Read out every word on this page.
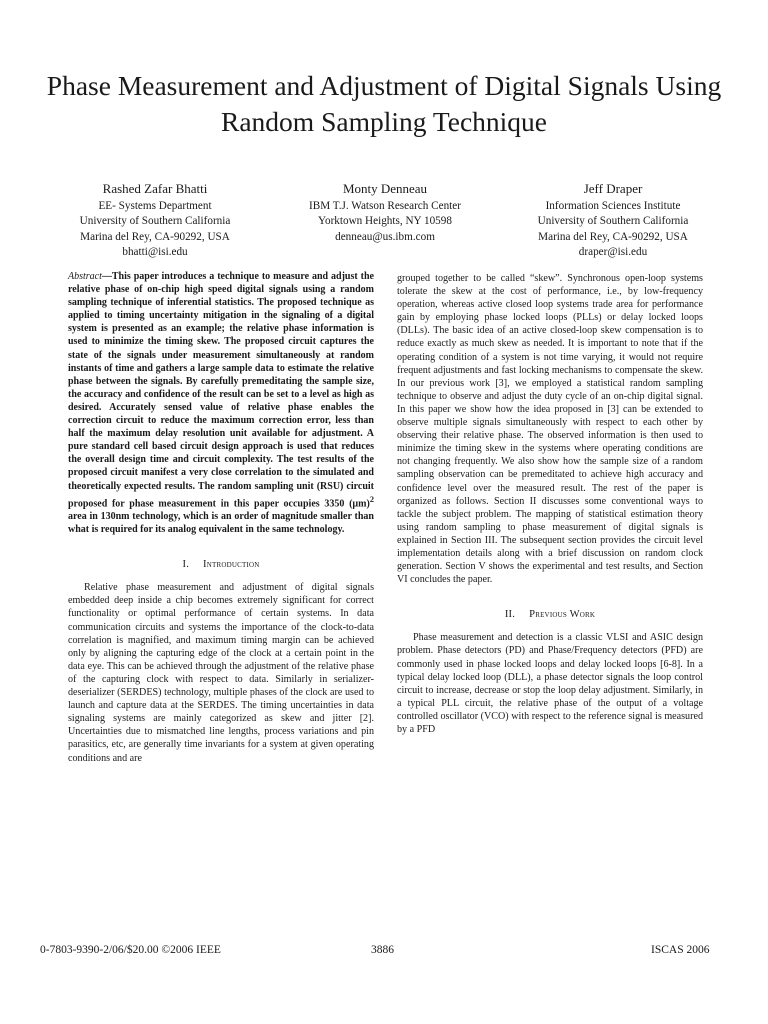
Phase Measurement and Adjustment of Digital Signals Using Random Sampling Technique
Rashed Zafar Bhatti
EE- Systems Department
University of Southern California
Marina del Rey, CA-90292, USA
bhatti@isi.edu
Monty Denneau
IBM T.J. Watson Research Center
Yorktown Heights, NY 10598
denneau@us.ibm.com
Jeff Draper
Information Sciences Institute
University of Southern California
Marina del Rey, CA-90292, USA
draper@isi.edu

Abstract—This paper introduces a technique to measure and adjust the relative phase of on-chip high speed digital signals using a random sampling technique of inferential statistics. The proposed technique as applied to timing uncertainty mitigation in the signaling of a digital system is presented as an example; the relative phase information is used to minimize the timing skew. The proposed circuit captures the state of the signals under measurement simultaneously at random instants of time and gathers a large sample data to estimate the relative phase between the signals. By carefully premeditating the sample size, the accuracy and confidence of the result can be set to a level as high as desired. Accurately sensed value of relative phase enables the correction circuit to reduce the maximum correction error, less than half the maximum delay resolution unit available for adjustment. A pure standard cell based circuit design approach is used that reduces the overall design time and circuit complexity. The test results of the proposed circuit manifest a very close correlation to the simulated and theoretically expected results. The random sampling unit (RSU) circuit proposed for phase measurement in this paper occupies 3350 $(\mu m)^2$ area in 130nm technology, which is an order of magnitude smaller than what is required for its analog equivalent in the same technology.

I. Introduction

Relative phase measurement and adjustment of digital signals embedded deep inside a chip becomes extremely significant for correct functionality or optimal performance of certain systems. In data communication circuits and systems the importance of the clock-to-data correlation is magnified, and maximum timing margin can be achieved only by aligning the capturing edge of the clock at a certain point in the data eye. This can be achieved through the adjustment of the relative phase of the capturing clock with respect to data. Similarly in serializer-deserializer (SERDES) technology, multiple phases of the clock are used to launch and capture data at the SERDES. The timing uncertainties in data signaling systems are mainly categorized as skew and jitter [2]. Uncertainties due to mismatched line lengths, process variations and pin parasitics, etc, are generally time invariants for a system at given operating conditions and are

grouped together to be called “skew”. Synchronous open-loop systems tolerate the skew at the cost of performance, i.e., by low-frequency operation, whereas active closed loop systems trade area for performance gain by employing phase locked loops (PLLs) or delay locked loops (DLLs). The basic idea of an active closed-loop skew compensation is to reduce exactly as much skew as needed. It is important to note that if the operating condition of a system is not time varying, it would not require frequent adjustments and fast locking mechanisms to compensate the skew. In our previous work [3], we employed a statistical random sampling technique to observe and adjust the duty cycle of an on-chip digital signal. In this paper we show how the idea proposed in [3] can be extended to observe multiple signals simultaneously with respect to each other by observing their relative phase. The observed information is then used to minimize the timing skew in the systems where operating conditions are not changing frequently. We also show how the sample size of a random sampling observation can be premeditated to achieve high accuracy and confidence level over the measured result. The rest of the paper is organized as follows. Section II discusses some conventional ways to tackle the subject problem. The mapping of statistical estimation theory using random sampling to phase measurement of digital signals is explained in Section III. The subsequent section provides the circuit level implementation details along with a brief discussion on random clock generation. Section V shows the experimental and test results, and Section VI concludes the paper.

II. Previous Work

Phase measurement and detection is a classic VLSI and ASIC design problem. Phase detectors (PD) and Phase/Frequency detectors (PFD) are commonly used in phase locked loops and delay locked loops [6-8]. In a typical delay locked loop (DLL), a phase detector signals the loop control circuit to increase, decrease or stop the loop delay adjustment. Similarly, in a typical PLL circuit, the relative phase of the output of a voltage controlled oscillator (VCO) with respect to the reference signal is measured by a PFD

0-7803-9390-2/06/$20.00 ©2006 IEEE	3886	ISCAS 2006
